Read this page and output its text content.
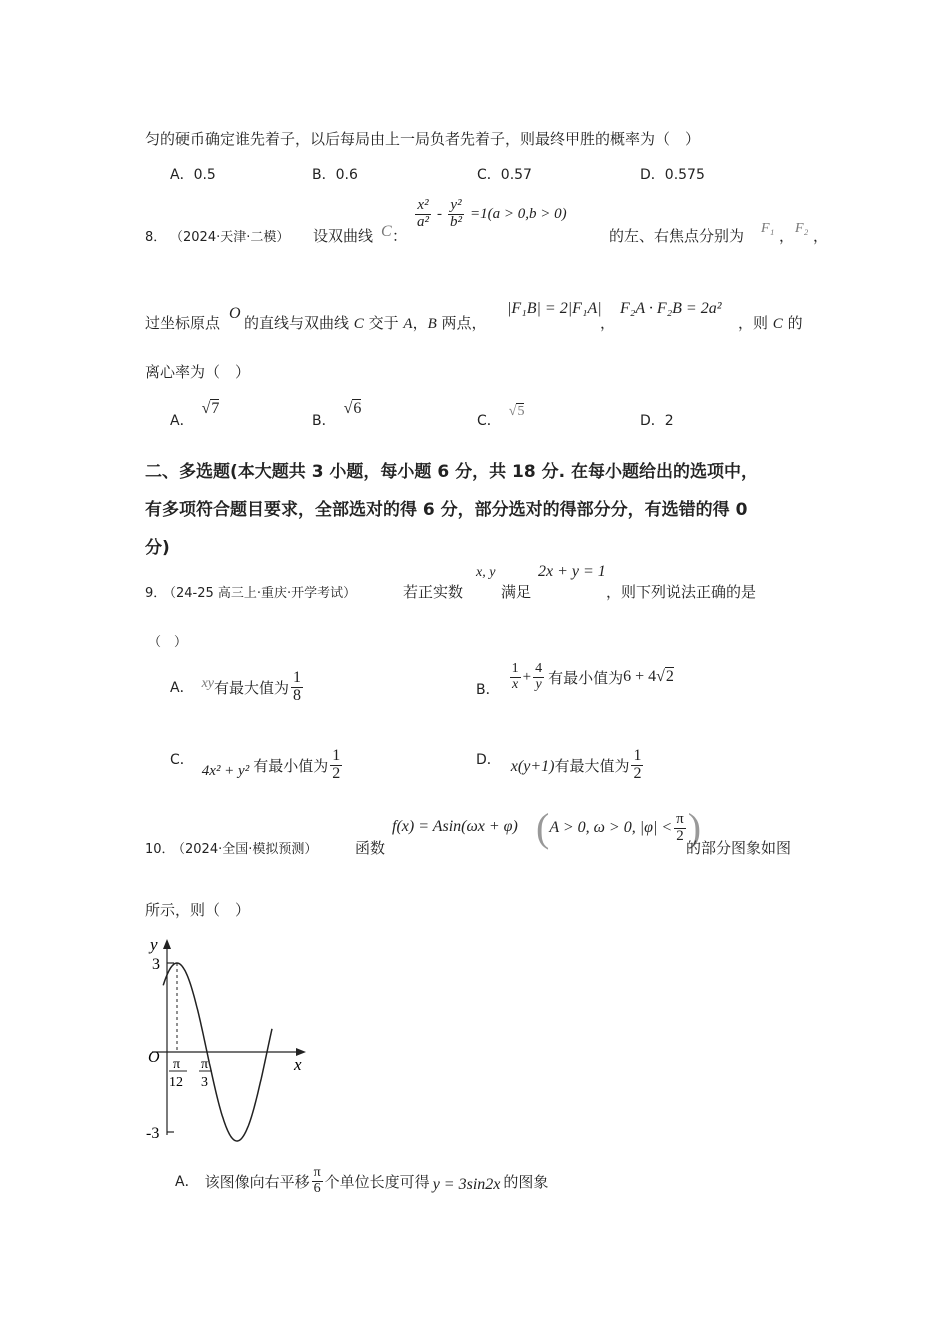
匀的硬币确定谁先着子，以后每局由上一局负者先着子，则最终甲胜的概率为（　）
A．0.5	B．0.6	C．0.57	D．0.575
8． （2024·天津·二模） 设双曲线 C ：
$\frac{\text{x²}}{\text{a²}} - \frac{\text{y²}}{\text{b²}} =1(a > 0,b > 0)$
的左、右焦点分别为 F₁ ， F₂ ，
过坐标原点
O
的直线与双曲线 C 交于 A，B 两点，
|F₁B| = 2|F₁A|
，
F₂A · F₂B = 2a²
，则 C 的
离心率为（　）
A．√7
B．√6
C．√5
D．2
二、多选题(本大题共 3 小题，每小题 6 分，共 18 分. 在每小题给出的选项中，
有多项符合题目要求，全部选对的得 6 分，部分选对的得部分分，有选错的得 0
分)
9．
（24-25 高三上·重庆·开学考试）	若正实数
x, y
满足
2x + y = 1
，则下列说法正确的是
（　）
A． xy 有最大值为 $\frac{1}{8}$	B． $\frac{1}{x} + \frac{4}{y}$ 有最小值为 6 + 4√2
C．
4x² + y² 有最小值为 $\frac{1}{2}$	D． x(y+1) 有最大值为 $\frac{1}{2}$
10．
（2024·全国·模拟预测）	函数
f(x) = Asin(ωx + φ) ( A > 0, ω > 0, $|\varphi| < \frac{\pi}{2}$ )
的部分图象如图
所示，则（　）
y
x
O
3
-3
π
12
π
3
A． 该图像向右平移 $\frac{\pi}{6}$ 个单位长度可得 y = 3sin2x 的图象
